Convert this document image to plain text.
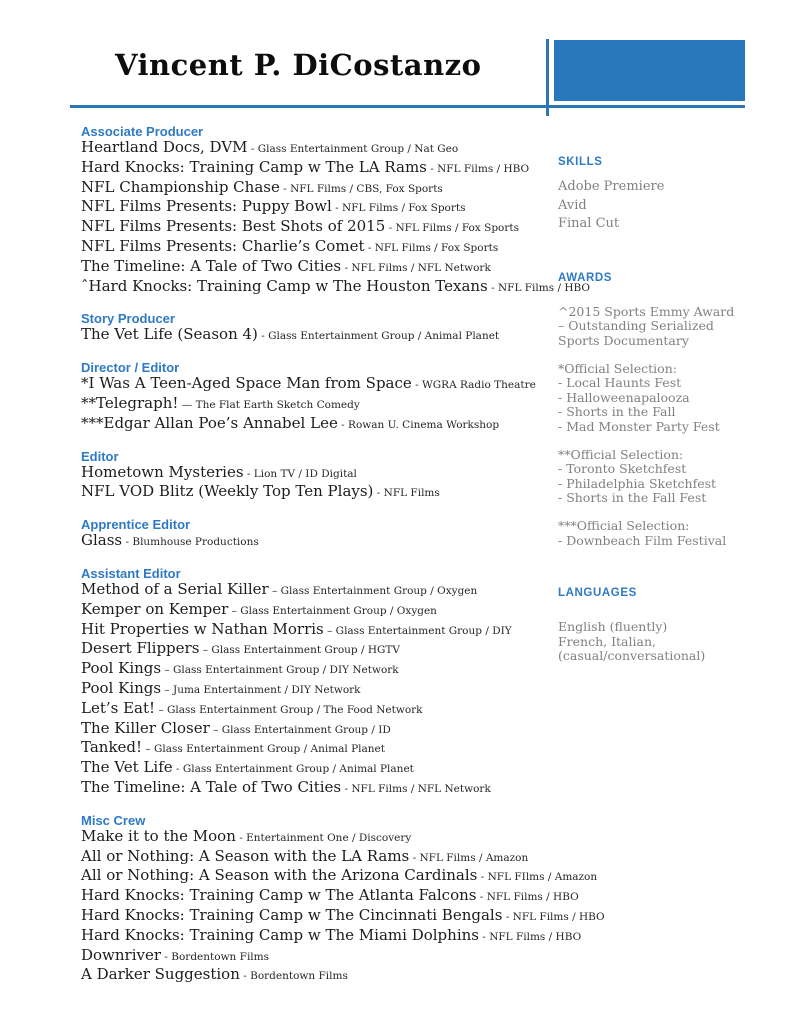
Vincent P. DiCostanzo
Associate Producer
Heartland Docs, DVM - Glass Entertainment Group / Nat Geo
Hard Knocks: Training Camp w The LA Rams - NFL Films / HBO
NFL Championship Chase - NFL Films / CBS, Fox Sports
NFL Films Presents: Puppy Bowl - NFL Films / Fox Sports
NFL Films Presents: Best Shots of 2015 - NFL Films / Fox Sports
NFL Films Presents: Charlie’s Comet - NFL Films / Fox Sports
The Timeline: A Tale of Two Cities - NFL Films / NFL Network
ˆHard Knocks: Training Camp w The Houston Texans - NFL Films / HBO
Story Producer
The Vet Life (Season 4) - Glass Entertainment Group / Animal Planet
Director / Editor
*I Was A Teen-Aged Space Man from Space - WGRA Radio Theatre
**Telegraph! — The Flat Earth Sketch Comedy
***Edgar Allan Poe’s Annabel Lee - Rowan U. Cinema Workshop
Editor
Hometown Mysteries - Lion TV / ID Digital
NFL VOD Blitz (Weekly Top Ten Plays) - NFL Films
Apprentice Editor
Glass - Blumhouse Productions
Assistant Editor
Method of a Serial Killer – Glass Entertainment Group / Oxygen
Kemper on Kemper – Glass Entertainment Group / Oxygen
Hit Properties w Nathan Morris – Glass Entertainment Group / DIY
Desert Flippers – Glass Entertainment Group / HGTV
Pool Kings – Glass Entertainment Group / DIY Network
Pool Kings – Juma Entertainment / DIY Network
Let’s Eat! – Glass Entertainment Group / The Food Network
The Killer Closer – Glass Entertainment Group / ID
Tanked! – Glass Entertainment Group / Animal Planet
The Vet Life - Glass Entertainment Group / Animal Planet
The Timeline: A Tale of Two Cities - NFL Films / NFL Network
Misc Crew
Make it to the Moon - Entertainment One / Discovery
All or Nothing: A Season with the LA Rams - NFL Films / Amazon
All or Nothing: A Season with the Arizona Cardinals - NFL FIlms / Amazon
Hard Knocks: Training Camp w The Atlanta Falcons - NFL Films / HBO
Hard Knocks: Training Camp w The Cincinnati Bengals - NFL Films / HBO
Hard Knocks: Training Camp w The Miami Dolphins - NFL Films / HBO
Downriver - Bordentown Films
A Darker Suggestion - Bordentown Films
SKILLS
Adobe Premiere
Avid
Final Cut
AWARDS
^2015 Sports Emmy Award
– Outstanding Serialized
Sports Documentary
*Official Selection:
- Local Haunts Fest
- Halloweenapalooza
- Shorts in the Fall
- Mad Monster Party Fest
**Official Selection:
- Toronto Sketchfest
- Philadelphia Sketchfest
- Shorts in the Fall Fest
***Official Selection:
- Downbeach Film Festival
LANGUAGES
English (fluently)
French, Italian,
(casual/conversational)
